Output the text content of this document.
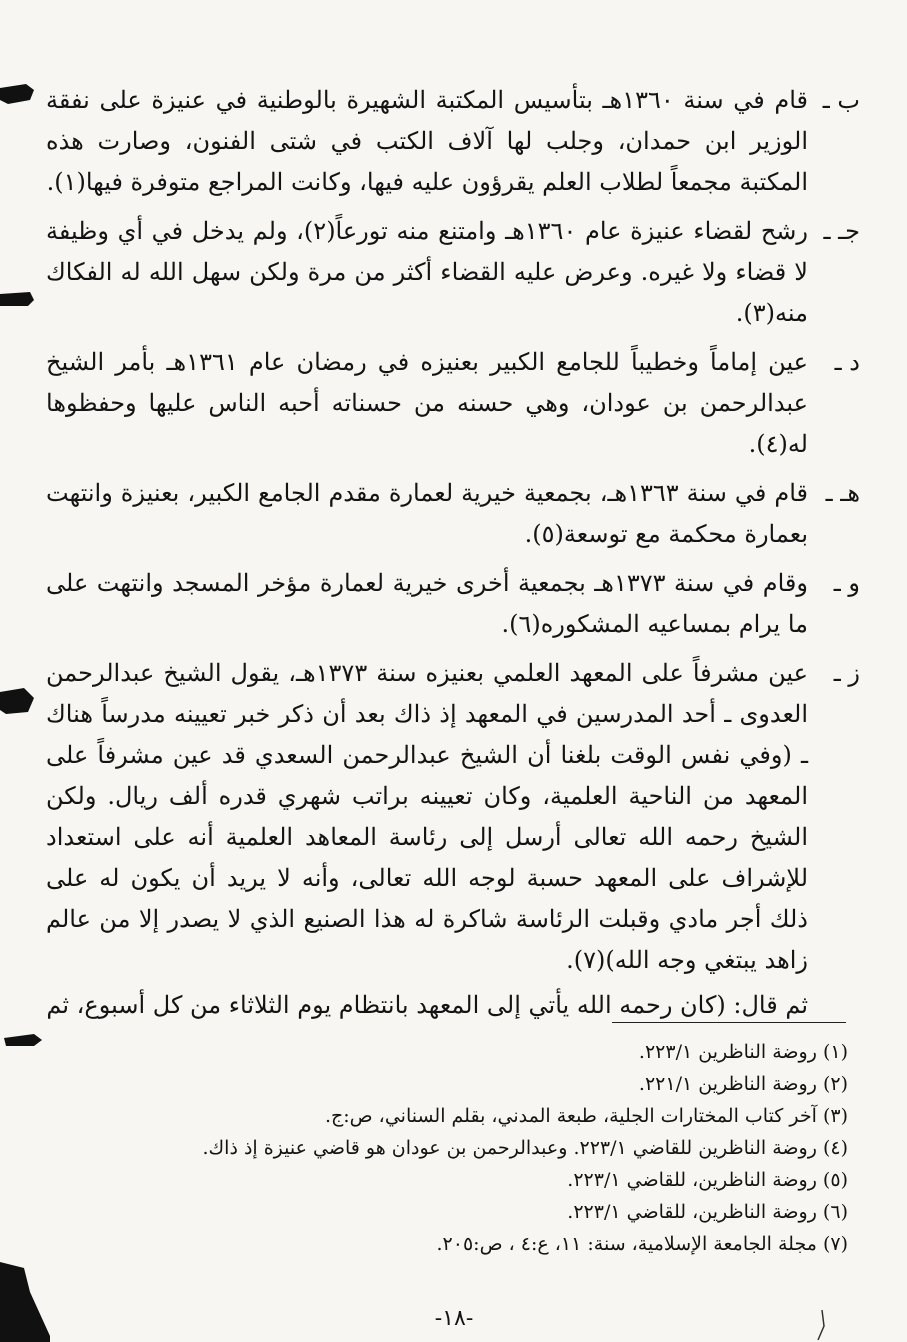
ب ـ
قام في سنة ١٣٦٠هـ بتأسيس المكتبة الشهيرة بالوطنية في عنيزة على نفقة الوزير ابن حمدان، وجلب لها آلاف الكتب في شتى الفنون، وصارت هذه المكتبة مجمعاً لطلاب العلم يقرؤون عليه فيها، وكانت المراجع متوفرة فيها(١).
جـ ـ
رشح لقضاء عنيزة عام ١٣٦٠هـ وامتنع منه تورعاً(٢)، ولم يدخل في أي وظيفة لا قضاء ولا غيره. وعرض عليه القضاء أكثر من مرة ولكن سهل الله له الفكاك منه(٣).
د ـ
عين إماماً وخطيباً للجامع الكبير بعنيزه في رمضان عام ١٣٦١هـ بأمر الشيخ عبدالرحمن بن عودان، وهي حسنه من حسناته أحبه الناس عليها وحفظوها له(٤).
هـ ـ
قام في سنة ١٣٦٣هـ، بجمعية خيرية لعمارة مقدم الجامع الكبير، بعنيزة وانتهت بعمارة محكمة مع توسعة(٥).
و ـ
وقام في سنة ١٣٧٣هـ بجمعية أخرى خيرية لعمارة مؤخر المسجد وانتهت على ما يرام بمساعيه المشكوره(٦).
ز ـ
عين مشرفاً على المعهد العلمي بعنيزه سنة ١٣٧٣هـ، يقول الشيخ عبدالرحمن العدوى ـ أحد المدرسين في المعهد إذ ذاك بعد أن ذكر خبر تعيينه مدرساً هناك ـ (وفي نفس الوقت بلغنا أن الشيخ عبدالرحمن السعدي قد عين مشرفاً على المعهد من الناحية العلمية، وكان تعيينه براتب شهري قدره ألف ريال. ولكن الشيخ رحمه الله تعالى أرسل إلى رئاسة المعاهد العلمية أنه على استعداد للإشراف على المعهد حسبة لوجه الله تعالى، وأنه لا يريد أن يكون له على ذلك أجر مادي وقبلت الرئاسة شاكرة له هذا الصنيع الذي لا يصدر إلا من عالم زاهد يبتغي وجه الله)(٧).
ثم قال: (كان رحمه الله يأتي إلى المعهد بانتظام يوم الثلاثاء من كل أسبوع، ثم
(١) روضة الناظرين ٢٢٣/١.
(٢) روضة الناظرين ٢٢١/١.
(٣) آخر كتاب المختارات الجلية، طبعة المدني، بقلم السناني، ص:ج.
(٤) روضة الناظرين للقاضي ٢٢٣/١. وعبدالرحمن بن عودان هو قاضي عنيزة إذ ذاك.
(٥) روضة الناظرين، للقاضي ٢٢٣/١.
(٦) روضة الناظرين، للقاضي ٢٢٣/١.
(٧) مجلة الجامعة الإسلامية، سنة: ١١، ع:٤ ، ص:٢٠٥.
-١٨-
